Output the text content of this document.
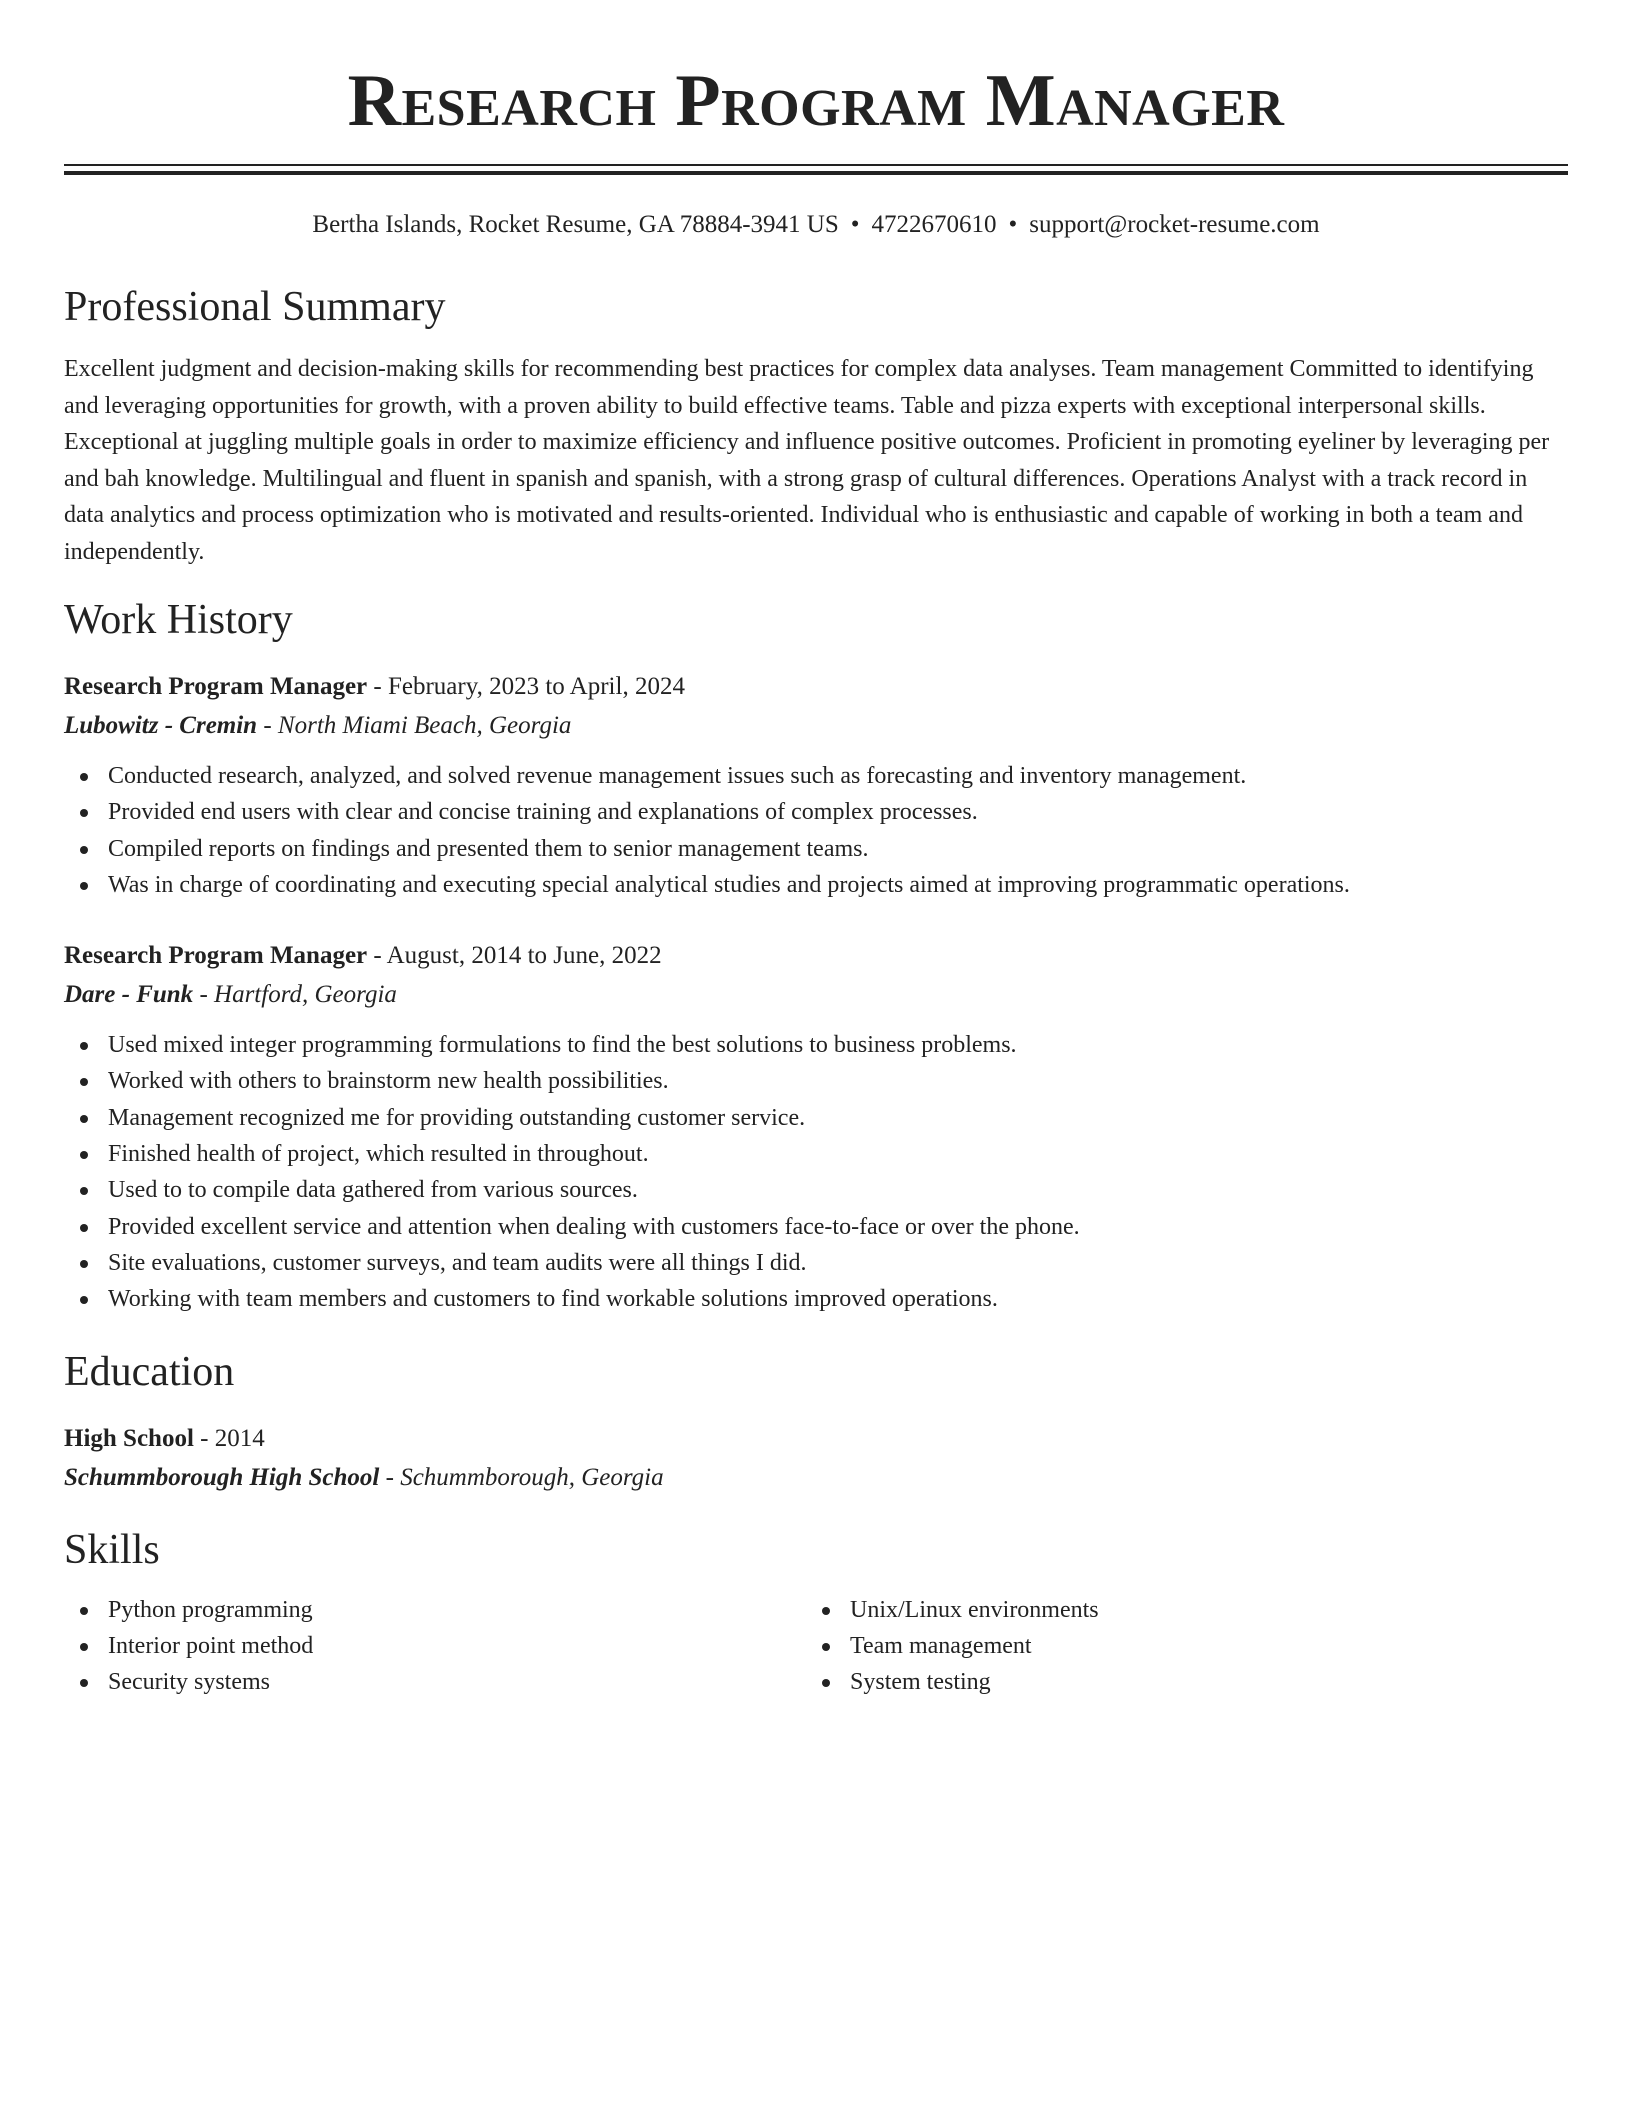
Research Program Manager
Bertha Islands, Rocket Resume, GA 78884-3941 US • 4722670610 • support@rocket-resume.com
Professional Summary

Excellent judgment and decision-making skills for recommending best practices for complex data analyses. Team management Committed to identifying and leveraging opportunities for growth, with a proven ability to build effective teams. Table and pizza experts with exceptional interpersonal skills. Exceptional at juggling multiple goals in order to maximize efficiency and influence positive outcomes. Proficient in promoting eyeliner by leveraging per and bah knowledge. Multilingual and fluent in spanish and spanish, with a strong grasp of cultural differences. Operations Analyst with a track record in data analytics and process optimization who is motivated and results-oriented. Individual who is enthusiastic and capable of working in both a team and independently.

Work History
Research Program Manager - February, 2023 to April, 2024
Lubowitz - Cremin - North Miami Beach, Georgia
Conducted research, analyzed, and solved revenue management issues such as forecasting and inventory management.
Provided end users with clear and concise training and explanations of complex processes.
Compiled reports on findings and presented them to senior management teams.
Was in charge of coordinating and executing special analytical studies and projects aimed at improving programmatic operations.
Research Program Manager - August, 2014 to June, 2022
Dare - Funk - Hartford, Georgia
Used mixed integer programming formulations to find the best solutions to business problems.
Worked with others to brainstorm new health possibilities.
Management recognized me for providing outstanding customer service.
Finished health of project, which resulted in throughout.
Used to to compile data gathered from various sources.
Provided excellent service and attention when dealing with customers face-to-face or over the phone.
Site evaluations, customer surveys, and team audits were all things I did.
Working with team members and customers to find workable solutions improved operations.
Education
High School - 2014
Schummborough High School - Schummborough, Georgia
Skills
Python programming
Interior point method
Security systems
Unix/Linux environments
Team management
System testing
